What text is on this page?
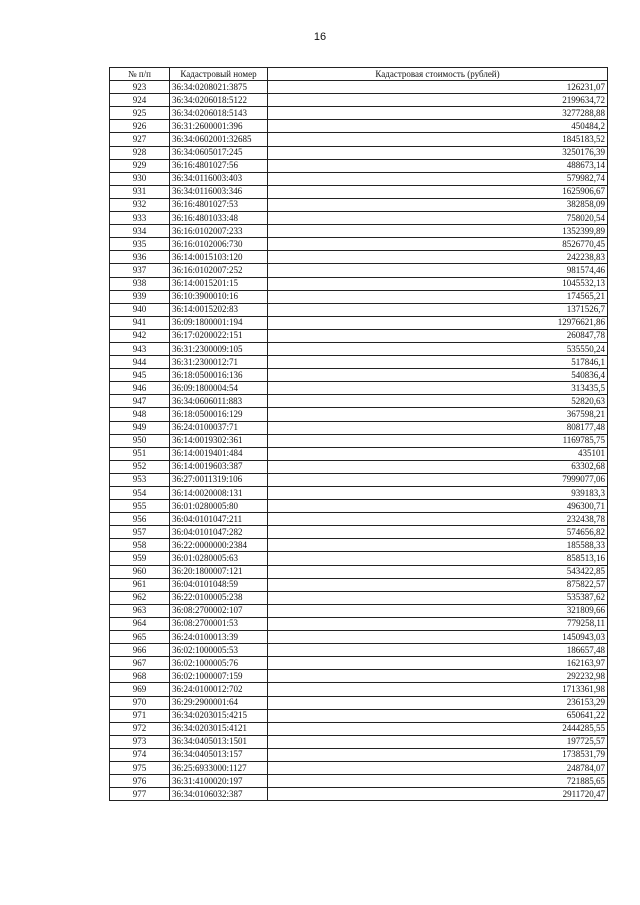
16
№ п/п	Кадастровый номер	Кадастровая стоимость (рублей)
923	36:34:0208021:3875	126231,07
924	36:34:0206018:5122	2199634,72
925	36:34:0206018:5143	3277288,88
926	36:31:2600001:396	450484,2
927	36:34:0602001:32685	1845183,52
928	36:34:0605017:245	3250176,39
929	36:16:4801027:56	488673,14
930	36:34:0116003:403	579982,74
931	36:34:0116003:346	1625906,67
932	36:16:4801027:53	382858,09
933	36:16:4801033:48	758020,54
934	36:16:0102007:233	1352399,89
935	36:16:0102006:730	8526770,45
936	36:14:0015103:120	242238,83
937	36:16:0102007:252	981574,46
938	36:14:0015201:15	1045532,13
939	36:10:3900010:16	174565,21
940	36:14:0015202:83	1371526,7
941	36:09:1800001:194	12976621,86
942	36:17:0200022:151	260847,78
943	36:31:2300009:105	535550,24
944	36:31:2300012:71	517846,1
945	36:18:0500016:136	540836,4
946	36:09:1800004:54	313435,5
947	36:34:0606011:883	52820,63
948	36:18:0500016:129	367598,21
949	36:24:0100037:71	808177,48
950	36:14:0019302:361	1169785,75
951	36:14:0019401:484	435101
952	36:14:0019603:387	63302,68
953	36:27:0011319:106	7999077,06
954	36:14:0020008:131	939183,3
955	36:01:0280005:80	496300,71
956	36:04:0101047:211	232438,78
957	36:04:0101047:282	574656,82
958	36:22:0000000:2384	185588,33
959	36:01:0280005:63	858513,16
960	36:20:1800007:121	543422,85
961	36:04:0101048:59	875822,57
962	36:22:0100005:238	535387,62
963	36:08:2700002:107	321809,66
964	36:08:2700001:53	779258,11
965	36:24:0100013:39	1450943,03
966	36:02:1000005:53	186657,48
967	36:02:1000005:76	162163,97
968	36:02:1000007:159	292232,98
969	36:24:0100012:702	1713361,98
970	36:29:2900001:64	236153,29
971	36:34:0203015:4215	650641,22
972	36:34:0203015:4121	2444285,55
973	36:34:0405013:1501	197725,57
974	36:34:0405013:157	1738531,79
975	36:25:6933000:1127	248784,07
976	36:31:4100020:197	721885,65
977	36:34:0106032:387	2911720,47
